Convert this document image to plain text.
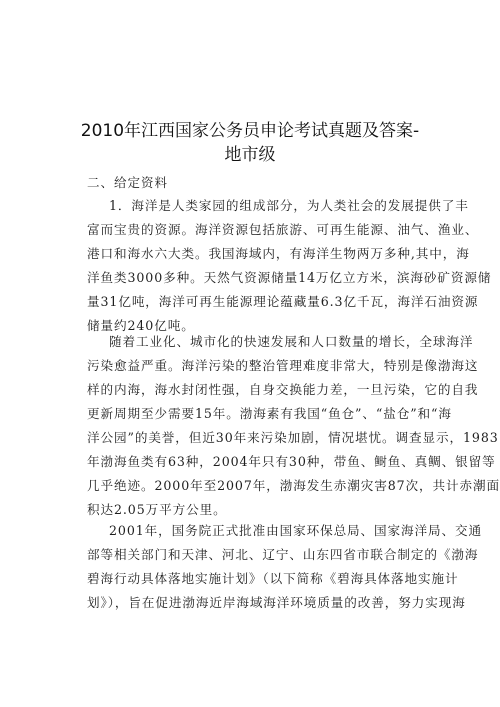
2010年江西国家公务员申论考试真题及答案-
地市级
二、给定资料
1．海洋是人类家园的组成部分，为人类社会的发展提供了丰
富而宝贵的资源。海洋资源包括旅游、可再生能源、油气、渔业、
港口和海水六大类。我国海域内，有海洋生物两万多种,其中，海
洋鱼类3000多种。天然气资源储量14万亿立方米，滨海砂矿资源储
量31亿吨，海洋可再生能源理论蕴藏量6.3亿千瓦，海洋石油资源
储量约240亿吨。
随着工业化、城市化的快速发展和人口数量的增长，全球海洋
污染愈益严重。海洋污染的整治管理难度非常大，特别是像渤海这
样的内海，海水封闭性强，自身交换能力差，一旦污染，它的自我
更新周期至少需要15年。渤海素有我国“鱼仓”、“盐仓”和“海
洋公园”的美誉，但近30年来污染加剧，情况堪忧。调查显示，1983
年渤海鱼类有63种，2004年只有30种，带鱼、鲥鱼、真鲷、银留等
几乎绝迹。2000年至2007年，渤海发生赤潮灾害87次，共计赤潮面
积达2.05万平方公里。
2001年，国务院正式批准由国家环保总局、国家海洋局、交通
部等相关部门和天津、河北、辽宁、山东四省市联合制定的《渤海
碧海行动具体落地实施计划》（以下简称《碧海具体落地实施计
划》），旨在促进渤海近岸海域海洋环境质量的改善，努力实现海
